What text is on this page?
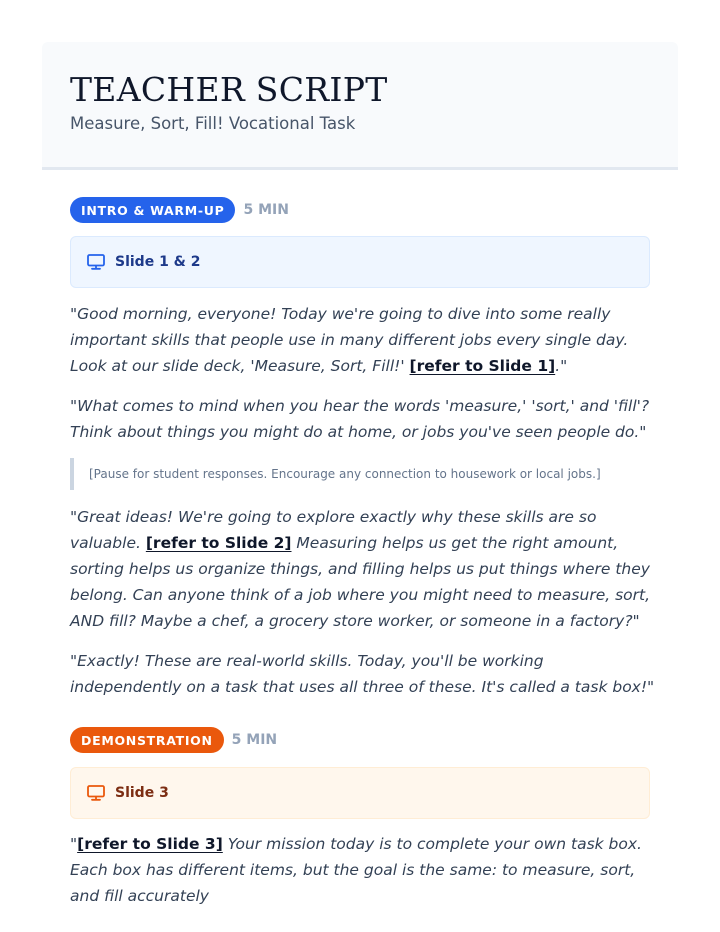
TEACHER SCRIPT
Measure, Sort, Fill! Vocational Task
INTRO & WARM-UP	5 MIN
Slide 1 & 2

"Good morning, everyone! Today we're going to dive into some really important skills that people use in many different jobs every single day. Look at our slide deck, 'Measure, Sort, Fill!' [refer to Slide 1]."

"What comes to mind when you hear the words 'measure,' 'sort,' and 'fill'? Think about things you might do at home, or jobs you've seen people do."

[Pause for student responses. Encourage any connection to housework or local jobs.]

"Great ideas! We're going to explore exactly why these skills are so valuable. [refer to Slide 2] Measuring helps us get the right amount, sorting helps us organize things, and filling helps us put things where they belong. Can anyone think of a job where you might need to measure, sort, AND fill? Maybe a chef, a grocery store worker, or someone in a factory?"

"Exactly! These are real-world skills. Today, you'll be working independently on a task that uses all three of these. It's called a task box!"

DEMONSTRATION	5 MIN
Slide 3

"[refer to Slide 3] Your mission today is to complete your own task box. Each box has different items, but the goal is the same: to measure, sort, and fill accurately
